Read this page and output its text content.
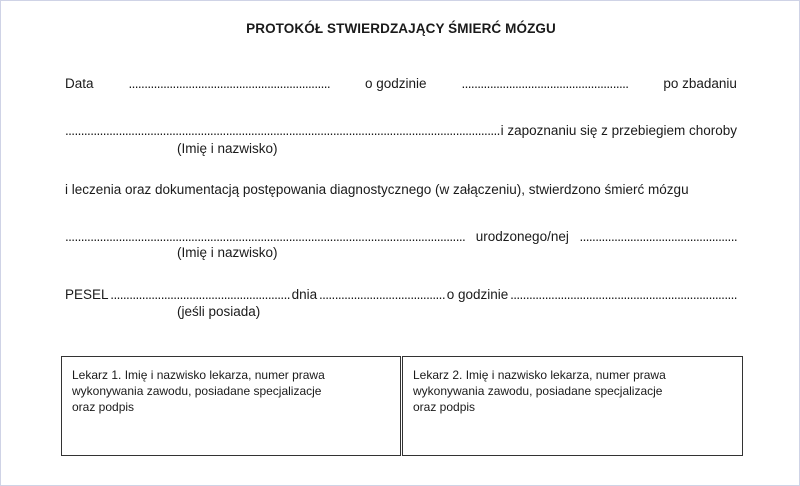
PROTOKÓŁ STWIERDZAJĄCY ŚMIERĆ MÓZGU
Data	................................................................	o godzinie	.....................................................	po zbadaniu
.......................................................................................................................................... i zapoznaniu się z przebiegiem choroby
(Imię i nazwisko)
i leczenia oraz dokumentacją postępowania diagnostycznego (w załączeniu), stwierdzono śmierć mózgu
............................................................................................................................... urodzonego/nej ..................................................
(Imię i nazwisko)
PESEL ......................................................... dnia ........................................ o godzinie ........................................................................
(jeśli posiada)
Lekarz 1. Imię i nazwisko lekarza, numer prawa
wykonywania zawodu, posiadane specjalizacje
oraz podpis
Lekarz 2. Imię i nazwisko lekarza, numer prawa
wykonywania zawodu, posiadane specjalizacje
oraz podpis
